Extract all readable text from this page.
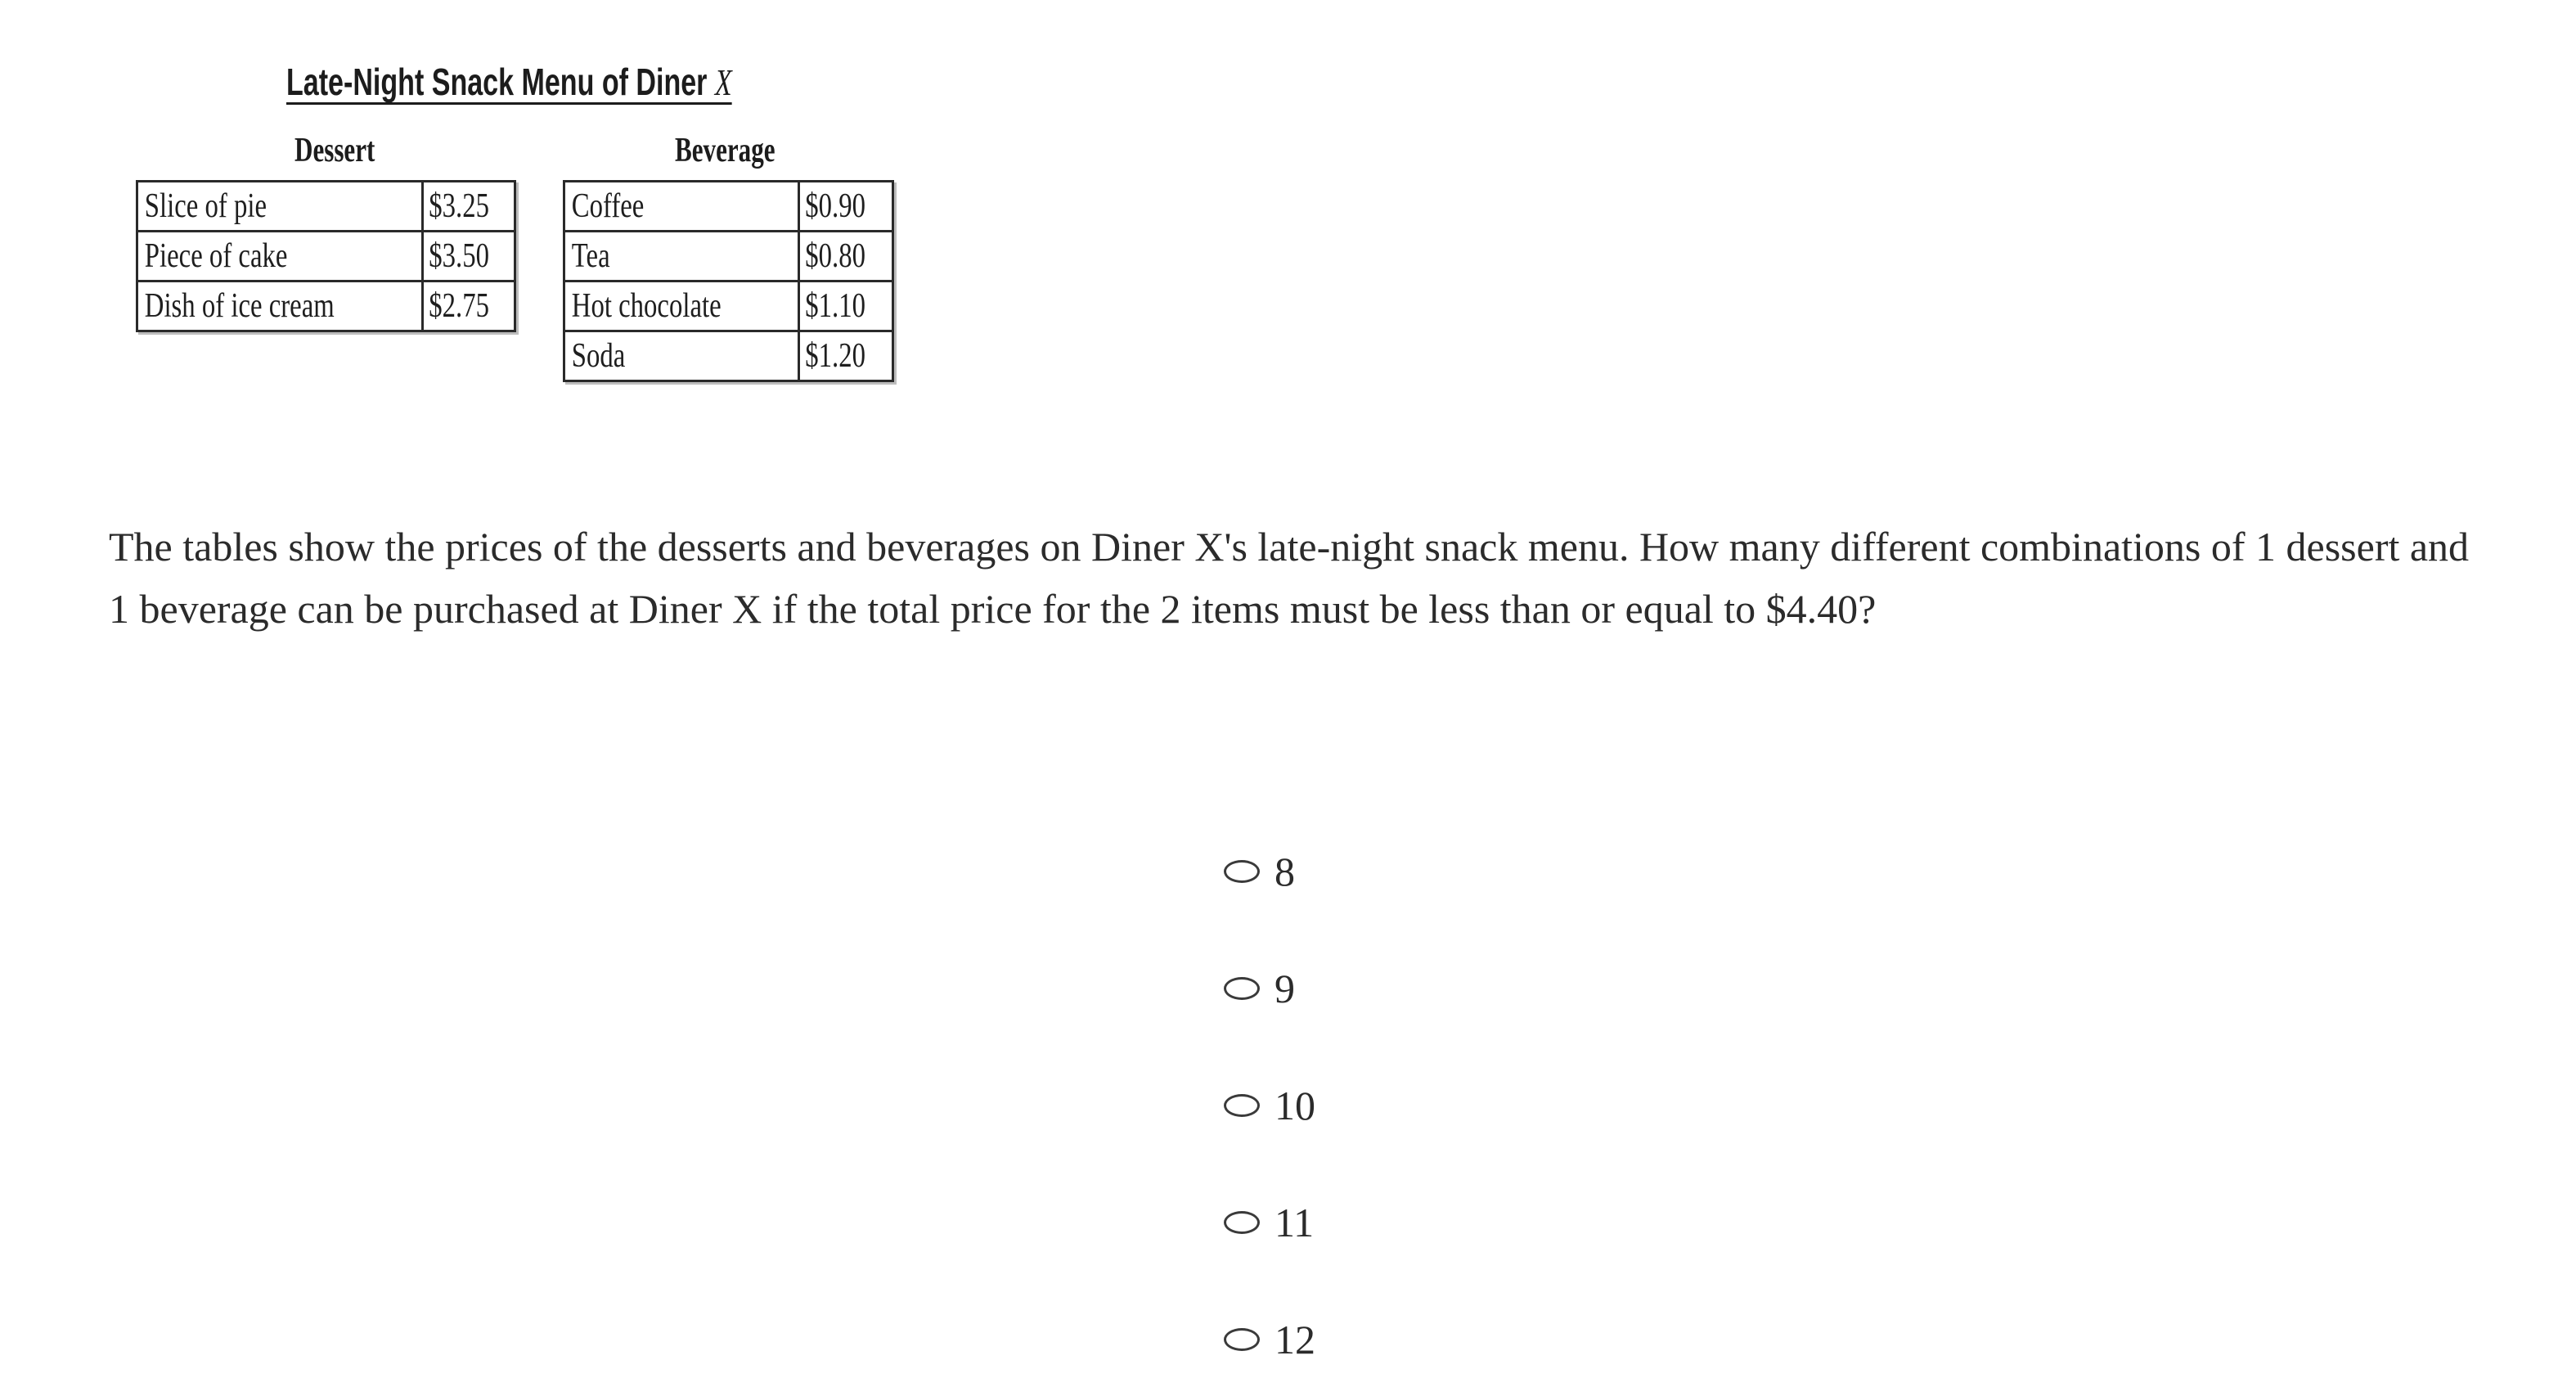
Late-Night Snack Menu of Diner X
Dessert	Beverage
Slice of pie	$3.25
Piece of cake	$3.50
Dish of ice cream	$2.75
Coffee	$0.90
Tea	$0.80
Hot chocolate	$1.10
Soda	$1.20
The tables show the prices of the desserts and beverages on Diner X's late-night snack menu. How many different combinations of 1 dessert and 1 beverage can be purchased at Diner X if the total price for the 2 items must be less than or equal to $4.40?
8
9
10
11
12
